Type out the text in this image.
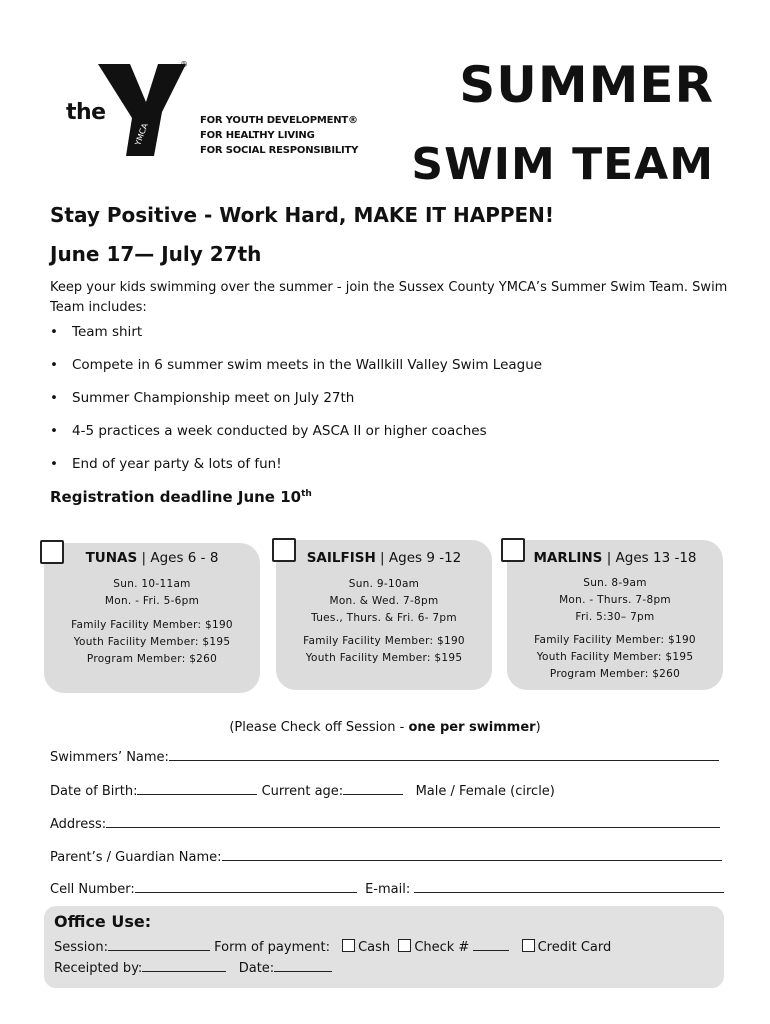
the
YMCA
®
FOR YOUTH DEVELOPMENT®
FOR HEALTHY LIVING
FOR SOCIAL RESPONSIBILITY
SUMMER
SWIM TEAM
Stay Positive - Work Hard, MAKE IT HAPPEN!
June 17— July 27th
Keep your kids swimming over the summer - join the Sussex County YMCA’s Summer Swim Team. Swim Team includes:
• Team shirt
• Compete in 6 summer swim meets in the Wallkill Valley Swim League
• Summer Championship meet on July 27th
• 4-5 practices a week conducted by ASCA II or higher coaches
• End of year party & lots of fun!
Registration deadline June 10th
TUNAS | Ages 6 - 8
Sun. 10-11am
Mon. - Fri. 5-6pm
Family Facility Member: $190
Youth Facility Member: $195
Program Member: $260
SAILFISH | Ages 9 -12
Sun. 9-10am
Mon. & Wed. 7-8pm
Tues., Thurs. & Fri. 6- 7pm
Family Facility Member: $190
Youth Facility Member: $195
MARLINS | Ages 13 -18
Sun. 8-9am
Mon. - Thurs. 7-8pm
Fri. 5:30– 7pm
Family Facility Member: $190
Youth Facility Member: $195
Program Member: $260
(Please Check off Session - one per swimmer)
Swimmers’ Name:
Date of Birth:	Current age:	Male / Female (circle)
Address:
Parent’s / Guardian Name:
Cell Number:	E-mail:
Office Use:
Session:	Form of payment: Cash Check #	Credit Card
Receipted by:	Date:
